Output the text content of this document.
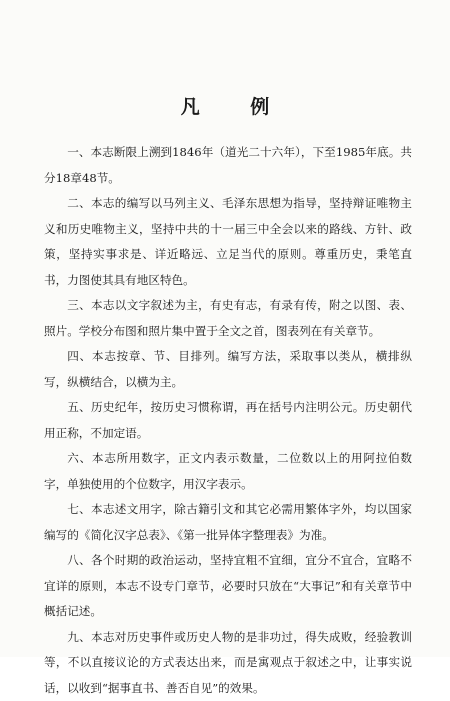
凡 例

一、本志断限上溯到1846年（道光二十六年），下至1985年底。共分18章48节。

二、本志的编写以马列主义、毛泽东思想为指导，坚持辩证唯物主义和历史唯物主义，坚持中共的十一届三中全会以来的路线、方针、政策，坚持实事求是、详近略远、立足当代的原则。尊重历史，秉笔直书，力图使其具有地区特色。

三、本志以文字叙述为主，有史有志，有录有传，附之以图、表、照片。学校分布图和照片集中置于全文之首，图表列在有关章节。

四、本志按章、节、目排列。编写方法，采取事以类从，横排纵写，纵横结合，以横为主。

五、历史纪年，按历史习惯称谓，再在括号内注明公元。历史朝代用正称，不加定语。

六、本志所用数字，正文内表示数量，二位数以上的用阿拉伯数字，单独使用的个位数字，用汉字表示。

七、本志述文用字，除古籍引文和其它必需用繁体字外，均以国家编写的《简化汉字总表》、《第一批异体字整理表》为准。

八、各个时期的政治运动，坚持宜粗不宜细，宜分不宜合，宜略不宜详的原则，本志不设专门章节，必要时只放在“大事记”和有关章节中概括记述。

九、本志对历史事件或历史人物的是非功过，得失成败，经验教训等，不以直接议论的方式表达出来，而是寓观点于叙述之中，让事实说话，以收到“据事直书、善否自见”的效果。
